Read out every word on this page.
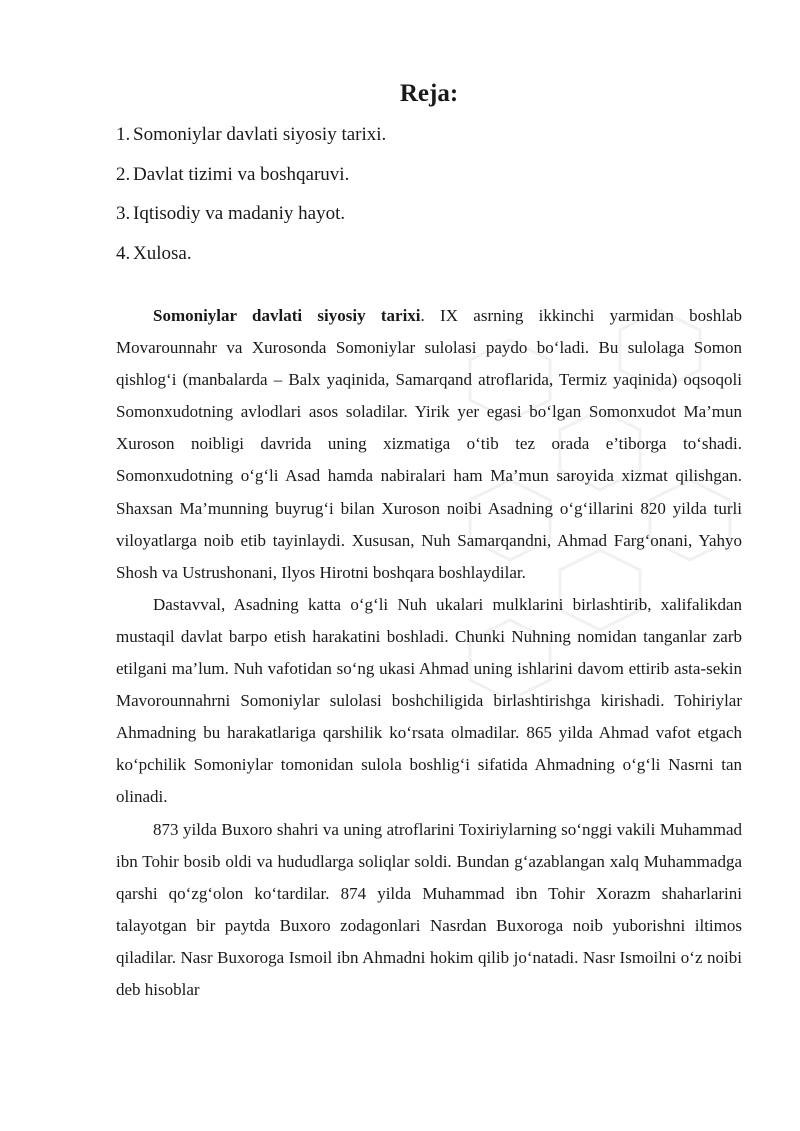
Reja:
1. Somoniylar davlati siyosiy tarixi.
2. Davlat tizimi va boshqaruvi.
3. Iqtisodiy va madaniy hayot.
4. Xulosa.

Somoniylar davlati siyosiy tarixi. IX asrning ikkinchi yarmidan boshlab Movarounnahr va Xurosonda Somoniylar sulolasi paydo bo‘ladi. Bu sulolaga Somon qishlog‘i (manbalarda – Balx yaqinida, Samarqand atroflarida, Termiz yaqinida) oqsoqoli Somonxudotning avlodlari asos soladilar. Yirik yer egasi bo‘lgan Somonxudot Ma’mun Xuroson noibligi davrida uning xizmatiga o‘tib tez orada e’tiborga to‘shadi. Somonxudotning o‘g‘li Asad hamda nabiralari ham Ma’mun saroyida xizmat qilishgan. Shaxsan Ma’munning buyrug‘i bilan Xuroson noibi Asadning o‘g‘illarini 820 yilda turli viloyatlarga noib etib tayinlaydi. Xususan, Nuh Samarqandni, Ahmad Farg‘onani, Yahyo Shosh va Ustrushonani, Ilyos Hirotni boshqara boshlaydilar.

Dastavval, Asadning katta o‘g‘li Nuh ukalari mulklarini birlashtirib, xalifalikdan mustaqil davlat barpo etish harakatini boshladi. Chunki Nuhning nomidan tanganlar zarb etilgani ma’lum. Nuh vafotidan so‘ng ukasi Ahmad uning ishlarini davom ettirib asta-sekin Mavorounnahrni Somoniylar sulolasi boshchiligida birlashtirishga kirishadi. Tohiriylar Ahmadning bu harakatlariga qarshilik ko‘rsata olmadilar. 865 yilda Ahmad vafot etgach ko‘pchilik Somoniylar tomonidan sulola boshlig‘i sifatida Ahmadning o‘g‘li Nasrni tan olinadi.

873 yilda Buxoro shahri va uning atroflarini Toxiriylarning so‘nggi vakili Muhammad ibn Tohir bosib oldi va hududlarga soliqlar soldi. Bundan g‘azablangan xalq Muhammadga qarshi qo‘zg‘olon ko‘tardilar. 874 yilda Muhammad ibn Tohir Xorazm shaharlarini talayotgan bir paytda Buxoro zodagonlari Nasrdan Buxoroga noib yuborishni iltimos qiladilar. Nasr Buxoroga Ismoil ibn Ahmadni hokim qilib jo‘natadi. Nasr Ismoilni o‘z noibi deb hisoblar
